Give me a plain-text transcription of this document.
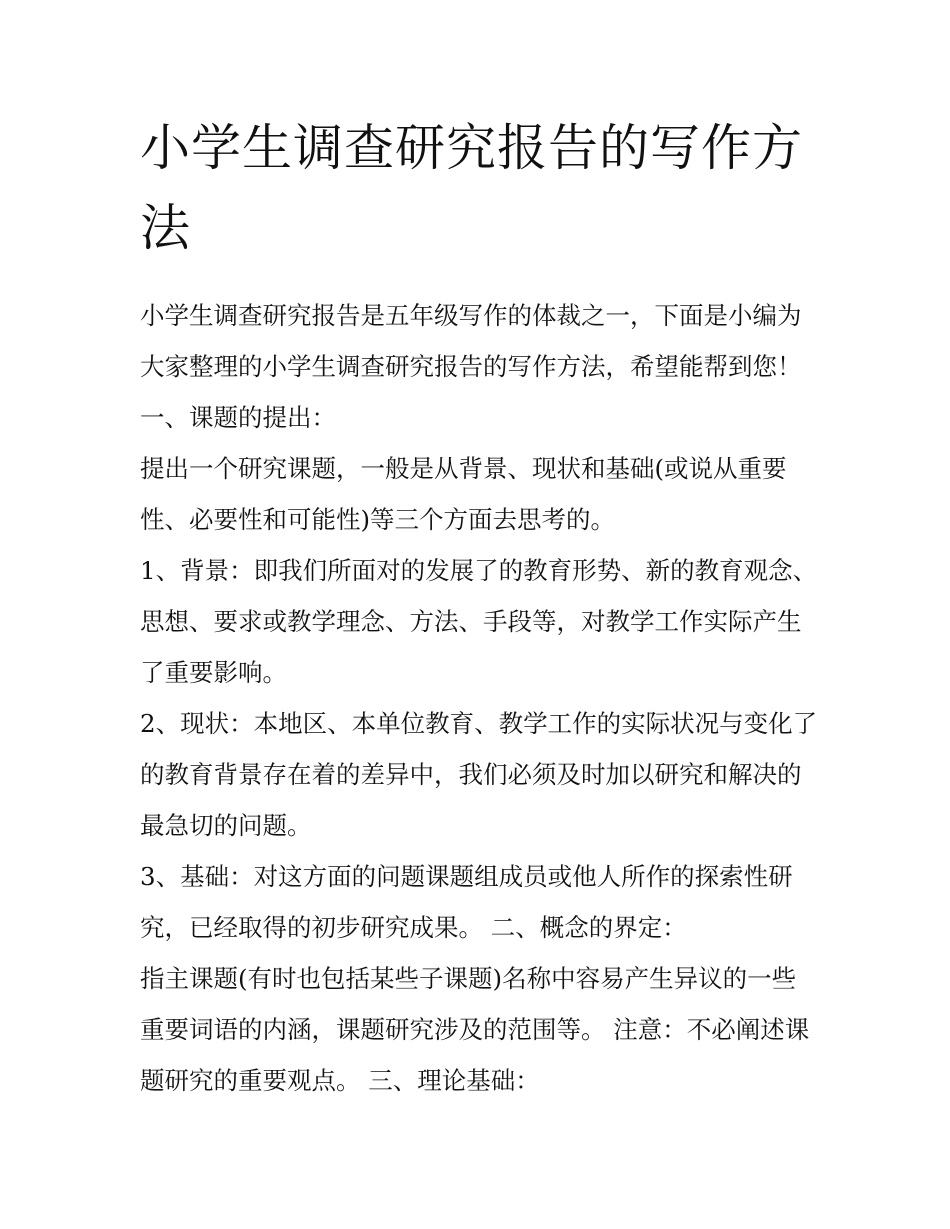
小学生调查研究报告的写作方法

小学生调查研究报告是五年级写作的体裁之一，下面是小编为大家整理的小学生调查研究报告的写作方法，希望能帮到您！

一、课题的提出：

提出一个研究课题，一般是从背景、现状和基础(或说从重要性、必要性和可能性)等三个方面去思考的。

1、背景：即我们所面对的发展了的教育形势、新的教育观念、思想、要求或教学理念、方法、手段等，对教学工作实际产生了重要影响。

2、现状：本地区、本单位教育、教学工作的实际状况与变化了的教育背景存在着的差异中，我们必须及时加以研究和解决的最急切的问题。

3、基础：对这方面的问题课题组成员或他人所作的探索性研究，已经取得的初步研究成果。 二、概念的界定：

指主课题(有时也包括某些子课题)名称中容易产生异议的一些重要词语的内涵，课题研究涉及的范围等。 注意：不必阐述课题研究的重要观点。 三、理论基础：
